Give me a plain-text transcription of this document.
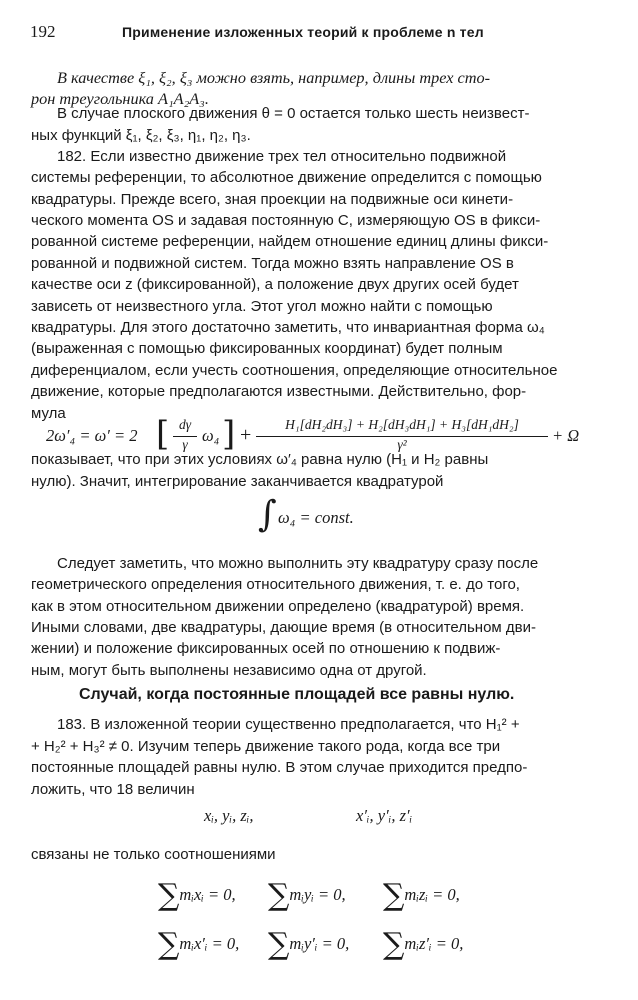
192	Применение изложенных теорий к проблеме n тел
В качестве ξ₁, ξ₂, ξ₃ можно взять, например, длины трех сто-
рон треугольника A₁A₂A₃.
В случае плоского движения θ = 0 остается только шесть неизвест-
ных функций ξ₁, ξ₂, ξ₃, η₁, η₂, η₃.
182. Если известно движение трех тел относительно подвижной
системы референции, то абсолютное движение определится с помощью
квадратуры. Прежде всего, зная проекции на подвижные оси кинети-
ческого момента OS и задавая постоянную C, измеряющую OS в фикси-
рованной системе референции, найдем отношение единиц длины фикси-
рованной и подвижной систем. Тогда можно взять направление OS в
качестве оси z (фиксированной), а положение двух других осей будет
зависеть от неизвестного угла. Этот угол можно найти с помощью
квадратуры. Для этого достаточно заметить, что инвариантная форма ω₄
(выраженная с помощью фиксированных координат) будет полным
диференциалом, если учесть соотношения, определяющие относительное
движение, которые предполагаются известными. Действительно, фор-
мула
2ω′₄ = ω′ = 2 [ dγ
γ ω₄ ] +	H₁[dH₂dH₃] + H₂[dH₃dH₁] + H₃[dH₁dH₂]
γ²	+ Ω
показывает, что при этих условиях ω′₄ равна нулю (H₁ и H₂ равны
нулю). Значит, интегрирование заканчивается квадратурой
∫ ω₄ = const.
Следует заметить, что можно выполнить эту квадратуру сразу после
геометрического определения относительного движения, т. е. до того,
как в этом относительном движении определено (квадратурой) время.
Иными словами, две квадратуры, дающие время (в относительном дви-
жении) и положение фиксированных осей по отношению к подвиж-
ным, могут быть выполнены независимо одна от другой.
Случай, когда постоянные площадей все равны нулю.
183. В изложенной теории существенно предполагается, что H₁² +
+ H₂² + H₃² ≠ 0. Изучим теперь движение такого рода, когда все три
постоянные площадей равны нулю. В этом случае приходится предпо-
ложить, что 18 величин
xᵢ, yᵢ, zᵢ,	x′ᵢ, y′ᵢ, z′ᵢ
связаны не только соотношениями
∑mᵢxᵢ = 0, ∑mᵢyᵢ = 0, ∑mᵢzᵢ = 0,
∑mᵢx′ᵢ = 0, ∑mᵢy′ᵢ = 0, ∑mᵢz′ᵢ = 0,
